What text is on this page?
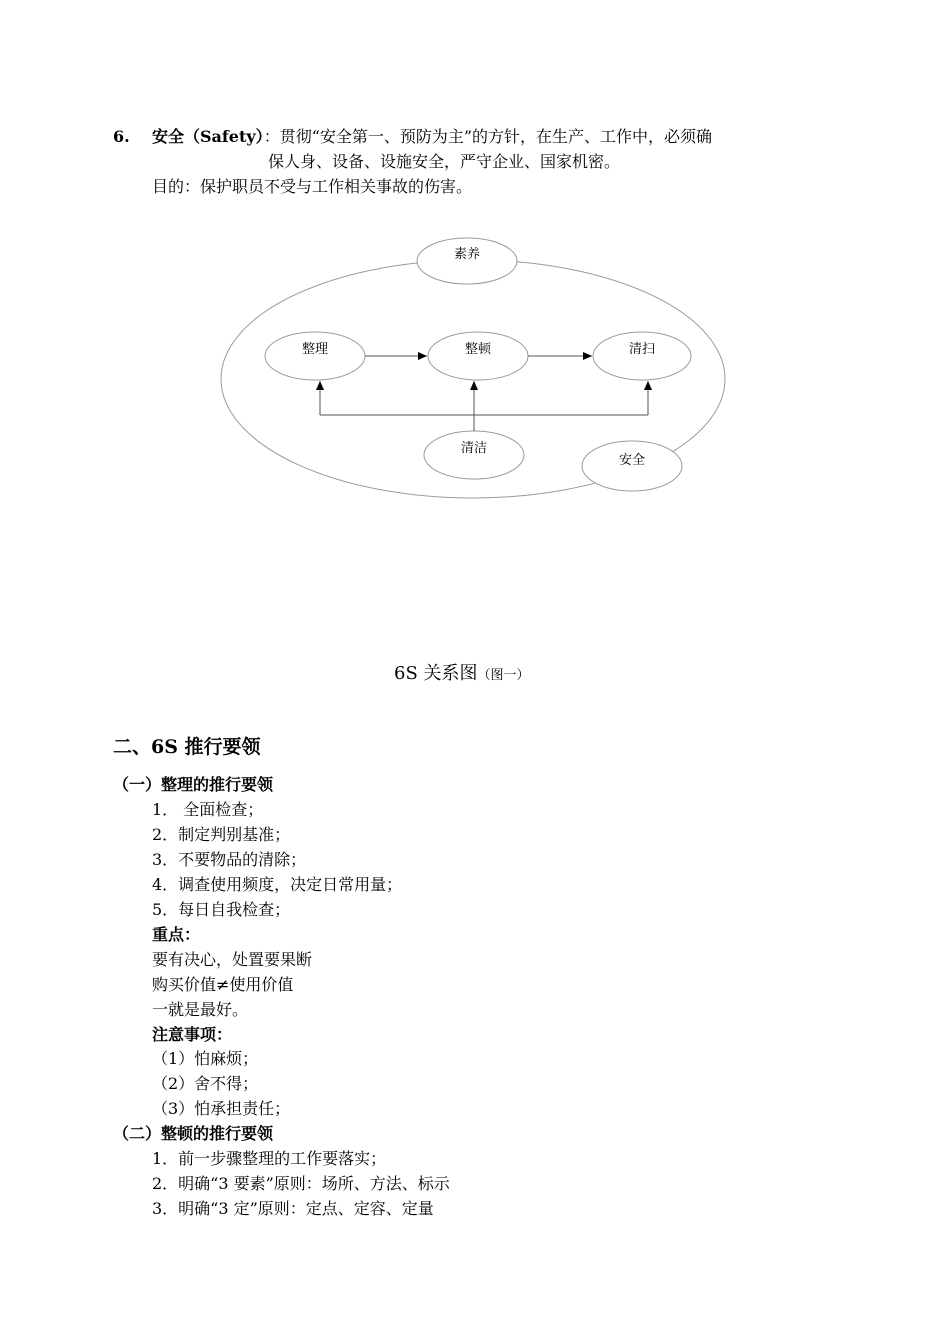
6. 安全（Safety）：贯彻“安全第一、预防为主”的方针，在生产、工作中，必须确
保人身、设备、设施安全，严守企业、国家机密。
目的：保护职员不受与工作相关事故的伤害。
素养
整理	整顿	清扫
清洁
安全
6S 关系图（图一）
二、6S 推行要领
（一）整理的推行要领
1． 全面检查；
2．制定判别基准；
3．不要物品的清除；
4．调查使用频度，决定日常用量；
5．每日自我检查；
重点：
要有决心，处置要果断
购买价值≠使用价值
一就是最好。
注意事项：
（1）怕麻烦；
（2）舍不得；
（3）怕承担责任；
（二）整顿的推行要领
1．前一步骤整理的工作要落实；
2．明确“3 要素”原则：场所、方法、标示
3．明确“3 定”原则：定点、定容、定量
